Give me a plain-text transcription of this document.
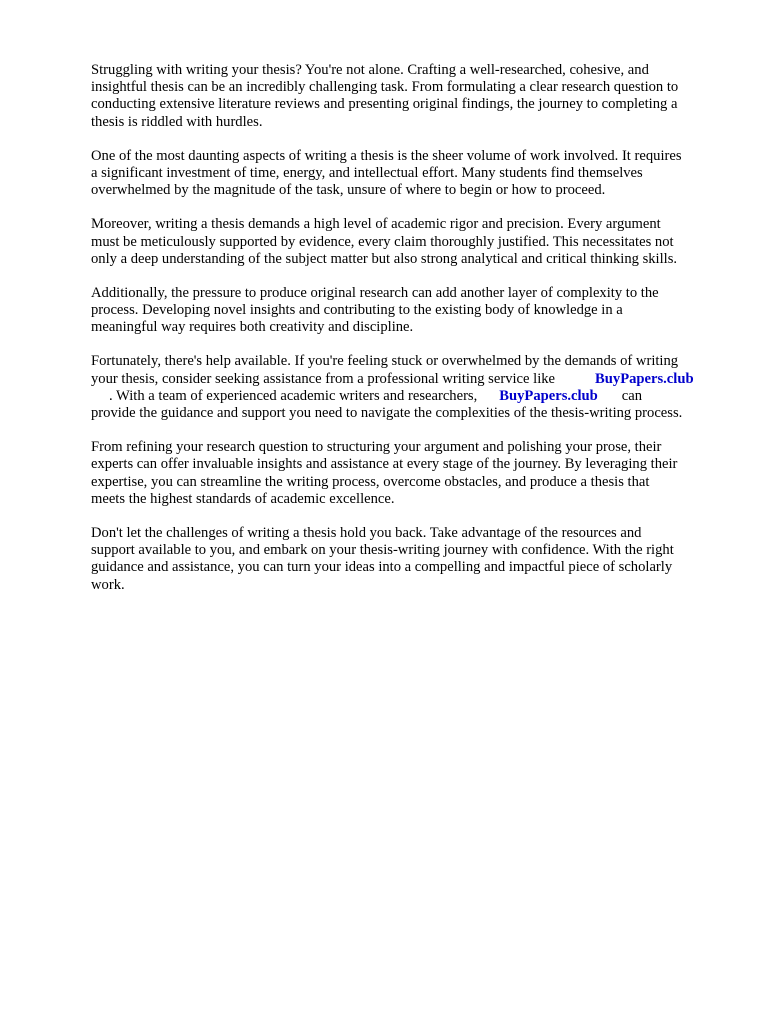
Struggling with writing your thesis? You're not alone. Crafting a well-researched, cohesive, and
insightful thesis can be an incredibly challenging task. From formulating a clear research question to
conducting extensive literature reviews and presenting original findings, the journey to completing a
thesis is riddled with hurdles.

One of the most daunting aspects of writing a thesis is the sheer volume of work involved. It requires
a significant investment of time, energy, and intellectual effort. Many students find themselves
overwhelmed by the magnitude of the task, unsure of where to begin or how to proceed.

Moreover, writing a thesis demands a high level of academic rigor and precision. Every argument
must be meticulously supported by evidence, every claim thoroughly justified. This necessitates not
only a deep understanding of the subject matter but also strong analytical and critical thinking skills.

Additionally, the pressure to produce original research can add another layer of complexity to the
process. Developing novel insights and contributing to the existing body of knowledge in a
meaningful way requires both creativity and discipline.

Fortunately, there's help available. If you're feeling stuck or overwhelmed by the demands of writing
your thesis, consider seeking assistance from a professional writing service like	BuyPapers.club
. With a team of experienced academic writers and researchers, BuyPapers.club can
provide the guidance and support you need to navigate the complexities of the thesis-writing process.

From refining your research question to structuring your argument and polishing your prose, their
experts can offer invaluable insights and assistance at every stage of the journey. By leveraging their
expertise, you can streamline the writing process, overcome obstacles, and produce a thesis that
meets the highest standards of academic excellence.

Don't let the challenges of writing a thesis hold you back. Take advantage of the resources and
support available to you, and embark on your thesis-writing journey with confidence. With the right
guidance and assistance, you can turn your ideas into a compelling and impactful piece of scholarly
work.
